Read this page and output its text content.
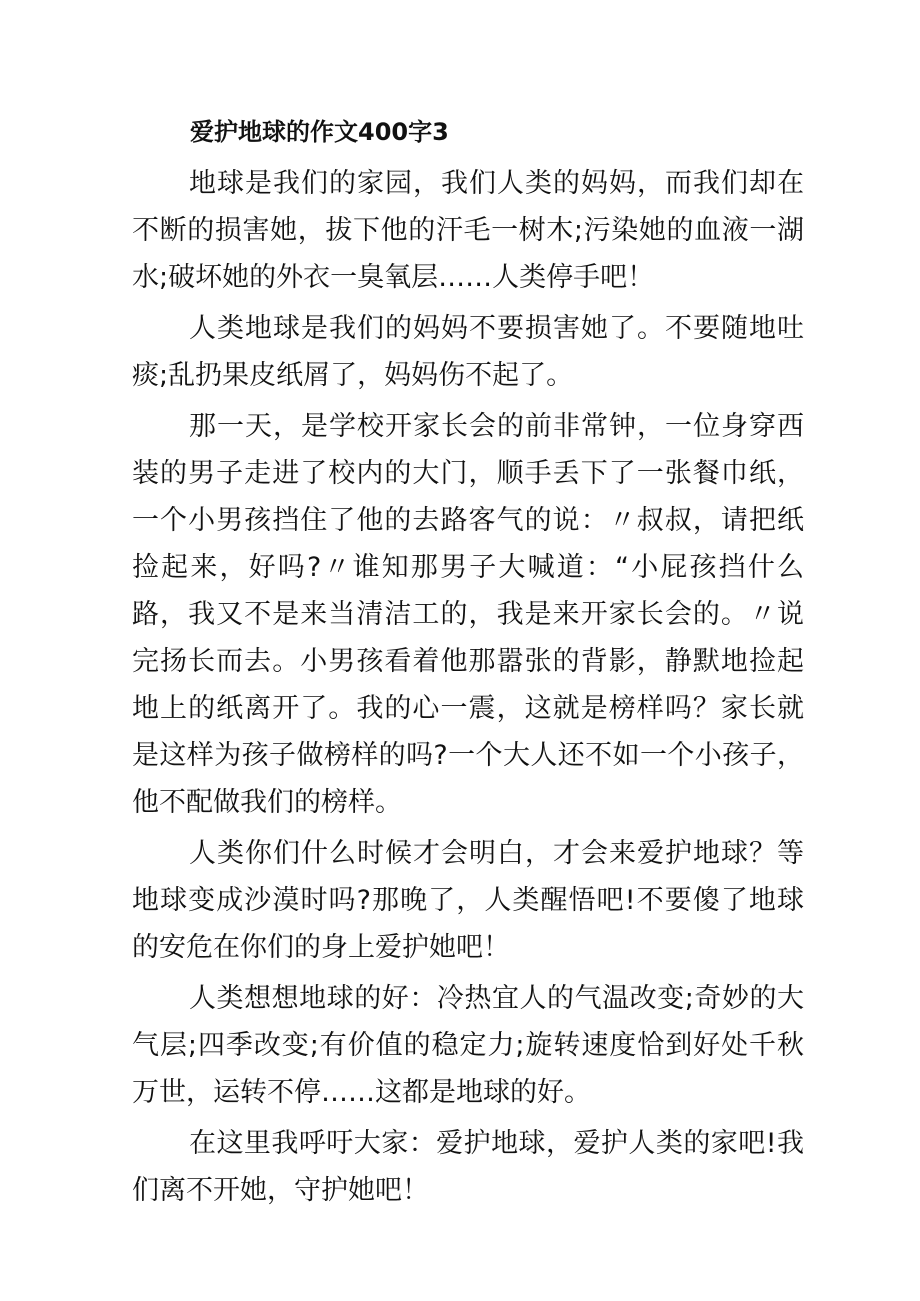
爱护地球的作文400字3

地球是我们的家园，我们人类的妈妈，而我们却在不断的损害她，拔下他的汗毛一树木;污染她的血液一湖水;破坏她的外衣一臭氧层……人类停手吧！

人类地球是我们的妈妈不要损害她了。不要随地吐痰;乱扔果皮纸屑了，妈妈伤不起了。

那一天，是学校开家长会的前非常钟，一位身穿西装的男子走进了校内的大门，顺手丢下了一张餐巾纸，一个小男孩挡住了他的去路客气的说：〃叔叔，请把纸捡起来，好吗?〃谁知那男子大喊道：“小屁孩挡什么路，我又不是来当清洁工的，我是来开家长会的。〃说完扬长而去。小男孩看着他那嚣张的背影，静默地捡起地上的纸离开了。我的心一震，这就是榜样吗？家长就是这样为孩子做榜样的吗?一个大人还不如一个小孩子，他不配做我们的榜样。

人类你们什么时候才会明白，才会来爱护地球？等地球变成沙漠时吗?那晚了，人类醒悟吧!不要傻了地球的安危在你们的身上爱护她吧！

人类想想地球的好：冷热宜人的气温改变;奇妙的大气层;四季改变;有价值的稳定力;旋转速度恰到好处千秋万世，运转不停……这都是地球的好。

在这里我呼吁大家：爱护地球，爱护人类的家吧!我们离不开她，守护她吧！
